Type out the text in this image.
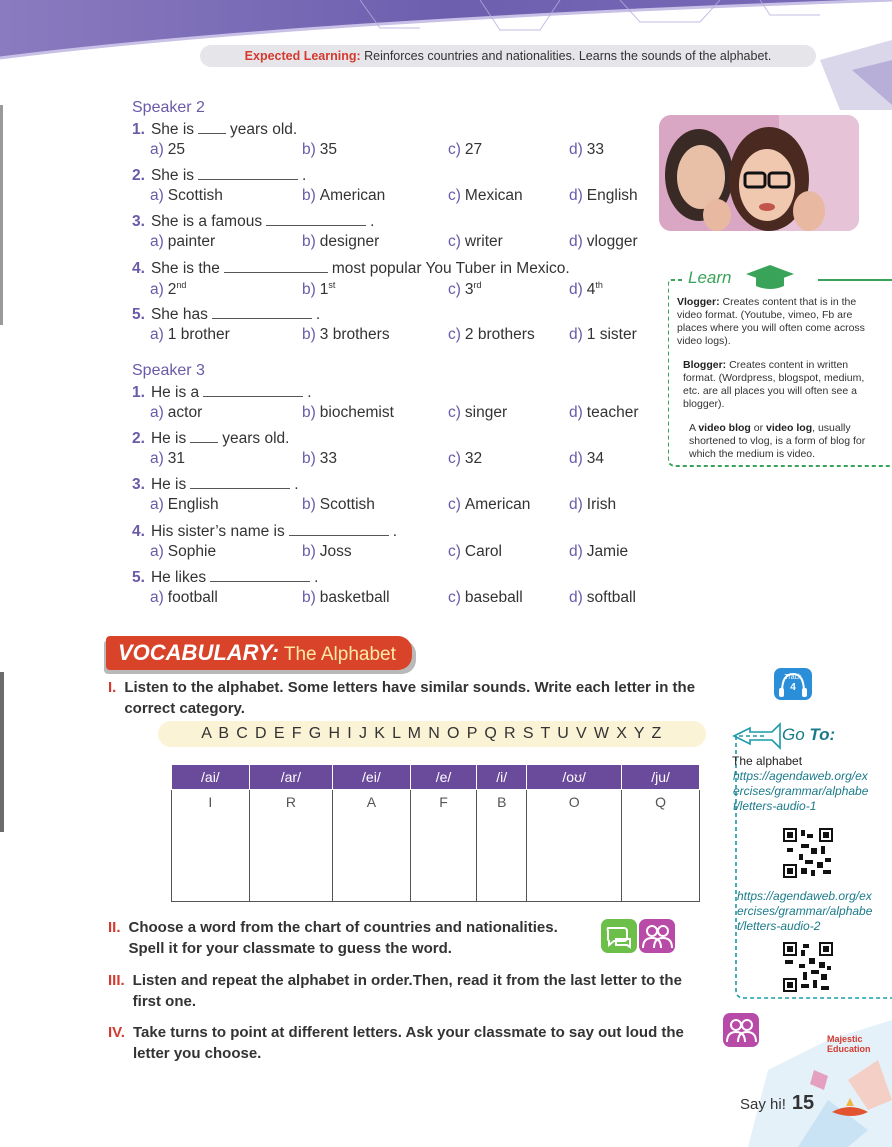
Expected Learning: Reinforces countries and nationalities. Learns the sounds of the alphabet.
Speaker 2
1. She is years old.
a) 25	b) 35	c) 27	d) 33
2. She is	.
a) Scottish	b) American	c) Mexican	d) English
3. She is a famous	.
a) painter	b) designer	c) writer	d) vlogger
4. She is the	most popular You Tuber in Mexico.
a) 2nd	b) 1st	c) 3rd	d) 4th
5. She has	.
a) 1 brother	b) 3 brothers	c) 2 brothers d) 1 sister
Speaker 3
1. He is a	.
a) actor	b) biochemist	c) singer	d) teacher
2. He is years old.
a) 31	b) 33	c) 32	d) 34
3. He is	.
a) English	b) Scottish	c) American d) Irish
4. His sister’s name is	.
a) Sophie	b) Joss	c) Carol	d) Jamie
5. He likes	.
a) football	b) basketball	c) baseball	d) softball
Learn
Vlogger: Creates content that is in the video format. (Youtube, vimeo, Fb are places where you will often come across video logs).
Blogger: Creates content in written format. (Wordpress, blogspot, medium, etc. are all places you will often see a blogger).
A video blog or video log, usually shortened to vlog, is a form of blog for which the medium is video.
VOCABULARY: The Alphabet
I. Listen to the alphabet. Some letters have similar sounds. Write each letter in the correct category.
Track
4
A B C D E F G H I J K L M N O P Q R S T U V W X Y Z
/ai/	/ar/	/ei/	/e/	/i/	/oʊ/	/ju/
I	R	A	F	B	O	Q
Go To:
The alphabet
https://agendaweb.org/exercises/grammar/alphabet/letters-audio-1
https://agendaweb.org/exercises/grammar/alphabet/letters-audio-2
II. Choose a word from the chart of countries and nationalities. Spell it for your classmate to guess the word.
III. Listen and repeat the alphabet in order.Then, read it from the last letter to the first one.
IV. Take turns to point at different letters. Ask your classmate to say out loud the letter you choose.
Majestic
Education
Say hi! 15
